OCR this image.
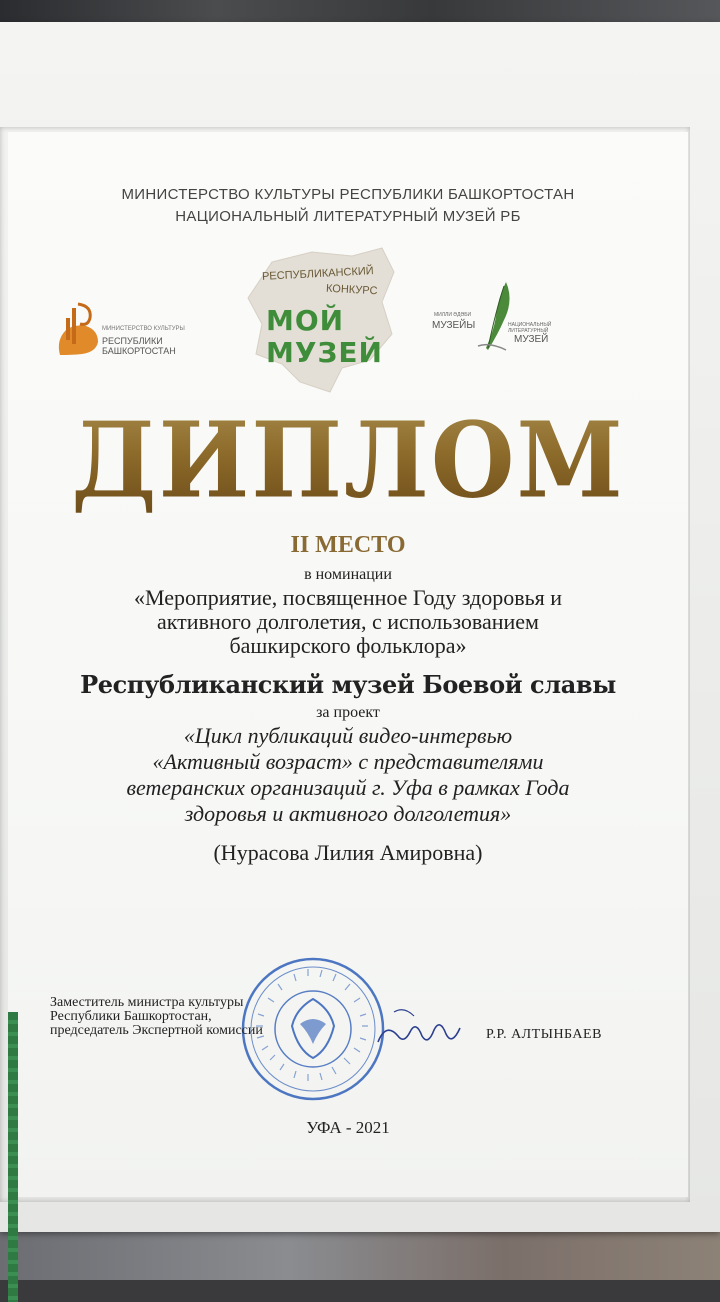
МИНИСТЕРСТВО КУЛЬТУРЫ РЕСПУБЛИКИ БАШКОРТОСТАН
НАЦИОНАЛЬНЫЙ ЛИТЕРАТУРНЫЙ МУЗЕЙ РБ
МИНИСТЕРСТВО КУЛЬТУРЫ
РЕСПУБЛИКИ БАШКОРТОСТАН
РЕСПУБЛИКАНСКИЙ
КОНКУРС
МОЙ
МУЗЕЙ
МИЛЛИ ӘДӘБИ
МУЗЕЙЫ	НАЦИОНАЛЬНЫЙ ЛИТЕРАТУРНЫЙ
МУЗЕЙ
ДИПЛОМ
II МЕСТО
в номинации
«Мероприятие, посвященное Году здоровья и
активного долголетия, с использованием
башкирского фольклора»
Республиканский музей Боевой славы
за проект
«Цикл публикаций видео-интервью
«Активный возраст» с представителями
ветеранских организаций г. Уфа в рамках Года
здоровья и активного долголетия»
(Нурасова Лилия Амировна)
Заместитель министра культуры
Республики Башкортостан,
председатель Экспертной комиссии	Р.Р. АЛТЫНБАЕВ
УФА - 2021
